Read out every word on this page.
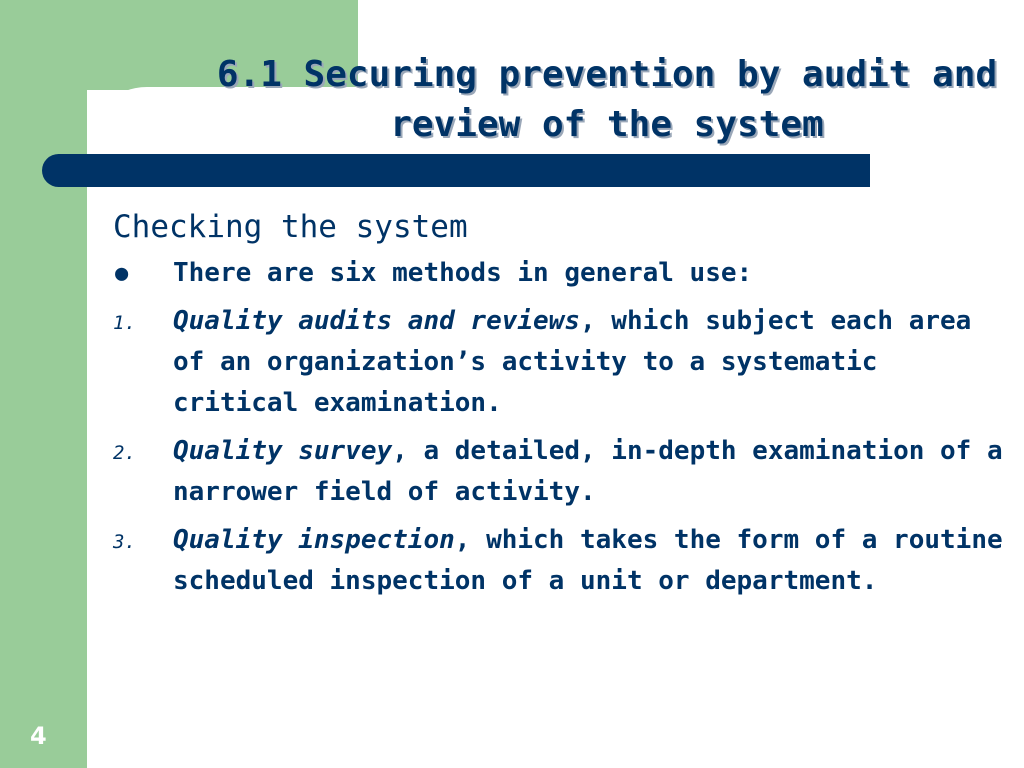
6.1 Securing prevention by audit and
review of the system

Checking the system

● There are six methods in general use:
1. Quality audits and reviews, which subject each area of an organization’s activity to a systematic critical examination.
2. Quality survey, a detailed, in-depth examination of a narrower field of activity.
3. Quality inspection, which takes the form of a routine scheduled inspection of a unit or department.
4
